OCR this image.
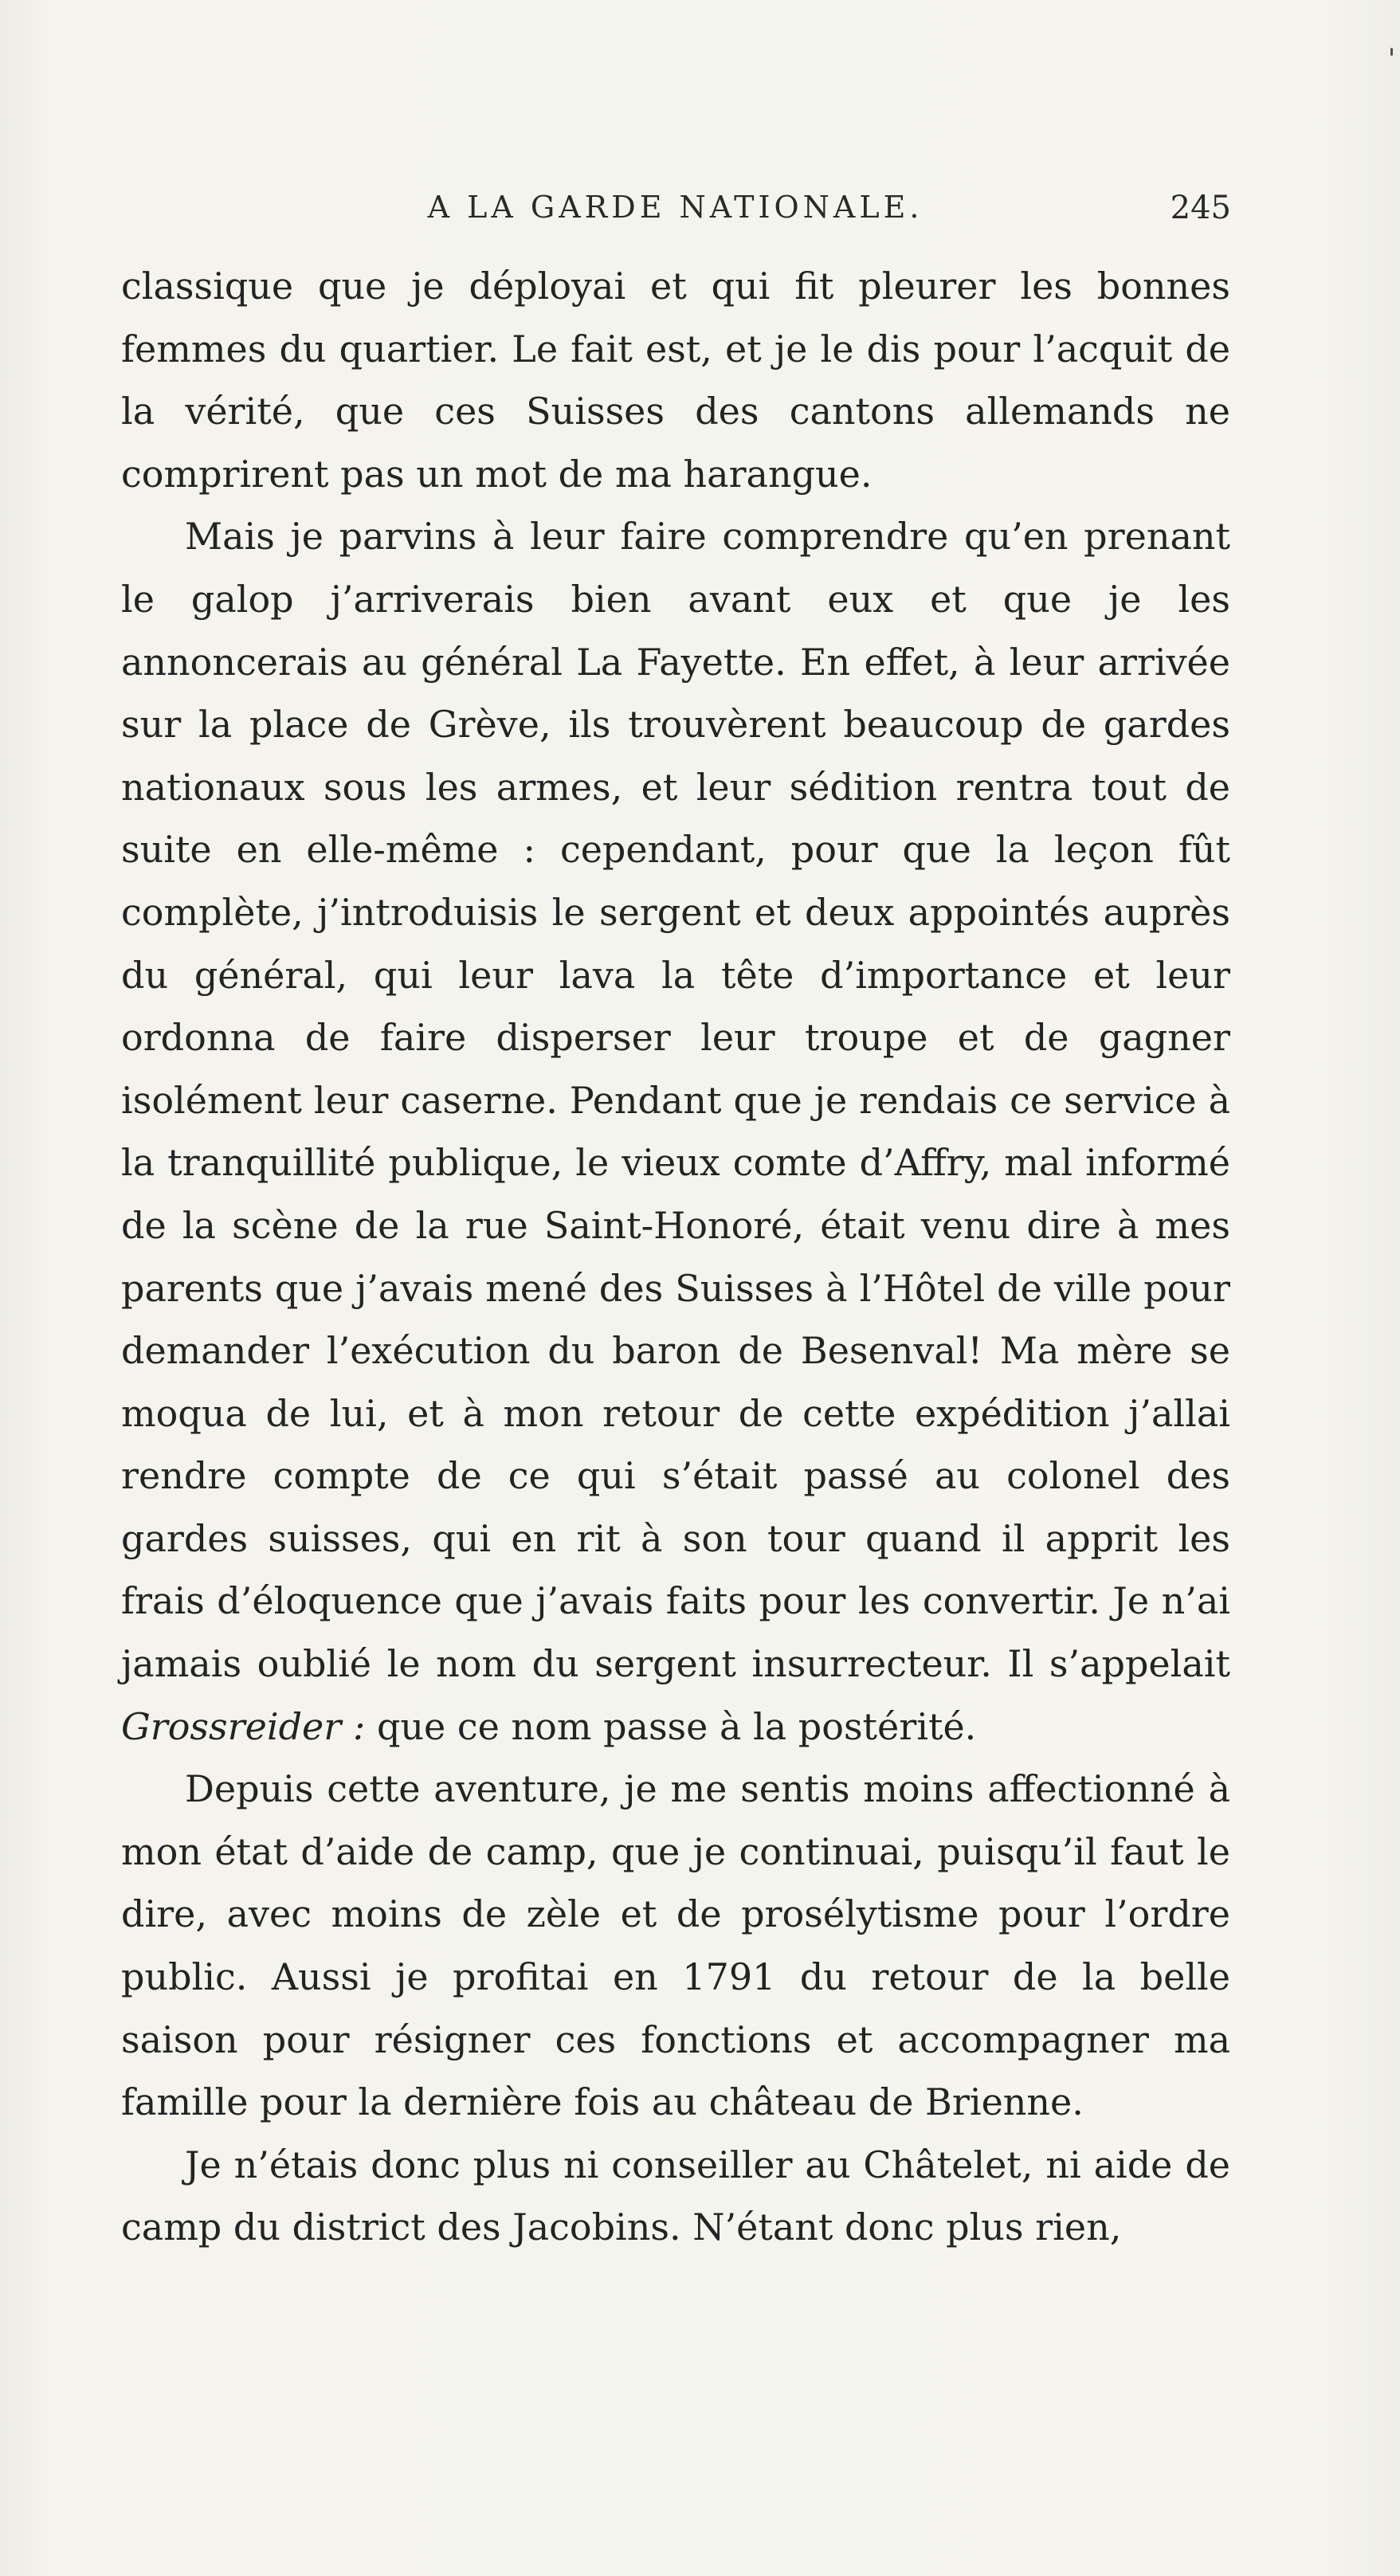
A LA GARDE NATIONALE.	245

classique que je déployai et qui fit pleurer les bonnes femmes du quartier. Le fait est, et je le dis pour l’acquit de la vérité, que ces Suisses des cantons allemands ne comprirent pas un mot de ma harangue.

Mais je parvins à leur faire comprendre qu’en prenant le galop j’arriverais bien avant eux et que je les annoncerais au général La Fayette. En effet, à leur arrivée sur la place de Grève, ils trouvèrent beaucoup de gardes nationaux sous les armes, et leur sédition rentra tout de suite en elle-même : cependant, pour que la leçon fût complète, j’introduisis le sergent et deux appointés auprès du général, qui leur lava la tête d’importance et leur ordonna de faire disperser leur troupe et de gagner isolément leur caserne. Pendant que je rendais ce service à la tranquillité publique, le vieux comte d’Affry, mal informé de la scène de la rue Saint-Honoré, était venu dire à mes parents que j’avais mené des Suisses à l’Hôtel de ville pour demander l’exécution du baron de Besenval! Ma mère se moqua de lui, et à mon retour de cette expédition j’allai rendre compte de ce qui s’était passé au colonel des gardes suisses, qui en rit à son tour quand il apprit les frais d’éloquence que j’avais faits pour les convertir. Je n’ai jamais oublié le nom du sergent insurrecteur. Il s’appelait Grossreider : que ce nom passe à la postérité.

Depuis cette aventure, je me sentis moins affectionné à mon état d’aide de camp, que je continuai, puisqu’il faut le dire, avec moins de zèle et de prosélytisme pour l’ordre public. Aussi je profitai en 1791 du retour de la belle saison pour résigner ces fonctions et accompagner ma famille pour la dernière fois au château de Brienne.

Je n’étais donc plus ni conseiller au Châtelet, ni aide de camp du district des Jacobins. N’étant donc plus rien,
